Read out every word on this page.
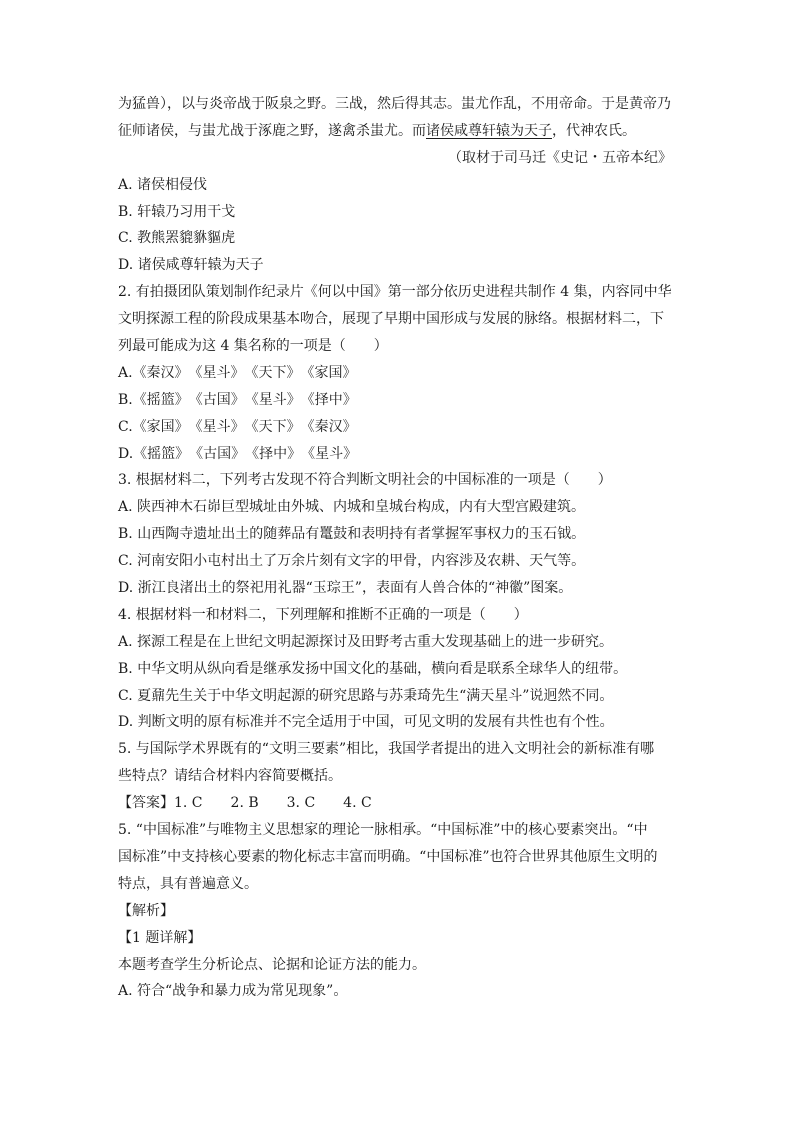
为猛兽），以与炎帝战于阪泉之野。三战，然后得其志。蚩尤作乱，不用帝命。于是黄帝乃
征师诸侯，与蚩尤战于涿鹿之野，遂禽杀蚩尤。而诸侯咸尊轩辕为天子，代神农氏。
（取材于司马迁《史记・五帝本纪》
A. 诸侯相侵伐
B. 轩辕乃习用干戈
C. 教熊罴貔貅貙虎
D. 诸侯咸尊轩辕为天子
2. 有拍摄团队策划制作纪录片《何以中国》第一部分依历史进程共制作 4 集，内容同中华
文明探源工程的阶段成果基本吻合，展现了早期中国形成与发展的脉络。根据材料二，下
列最可能成为这 4 集名称的一项是（　　）
A.《秦汉》　《星斗》　《天下》　《家国》
B.《摇篮》　《古国》　《星斗》　《择中》
C.《家国》　《星斗》　《天下》　《秦汉》
D.《摇篮》　《古国》　《择中》　《星斗》
3. 根据材料二，下列考古发现不符合判断文明社会的中国标准的一项是（　　）
A. 陕西神木石峁巨型城址由外城、内城和皇城台构成，内有大型宫殿建筑。
B. 山西陶寺遗址出土的随葬品有鼍鼓和表明持有者掌握军事权力的玉石钺。
C. 河南安阳小屯村出土了万余片刻有文字的甲骨，内容涉及农耕、天气等。
D. 浙江良渚出土的祭祀用礼器“玉琮王”，表面有人兽合体的“神徽”图案。
4. 根据材料一和材料二，下列理解和推断不正确的一项是（　　）
A. 探源工程是在上世纪文明起源探讨及田野考古重大发现基础上的进一步研究。
B. 中华文明从纵向看是继承发扬中国文化的基础，横向看是联系全球华人的纽带。
C. 夏鼐先生关于中华文明起源的研究思路与苏秉琦先生“满天星斗”说迥然不同。
D. 判断文明的原有标准并不完全适用于中国，可见文明的发展有共性也有个性。
5. 与国际学术界既有的“文明三要素”相比，我国学者提出的进入文明社会的新标准有哪
些特点？请结合材料内容简要概括。
【答案】1. C 2. B 3. C 4. C
5. “中国标准”与唯物主义思想家的理论一脉相承。“中国标准”中的核心要素突出。“中
国标准”中支持核心要素的物化标志丰富而明确。“中国标准”也符合世界其他原生文明的
特点，具有普遍意义。
【解析】
【1 题详解】
本题考查学生分析论点、论据和论证方法的能力。
A. 符合“战争和暴力成为常见现象”。
